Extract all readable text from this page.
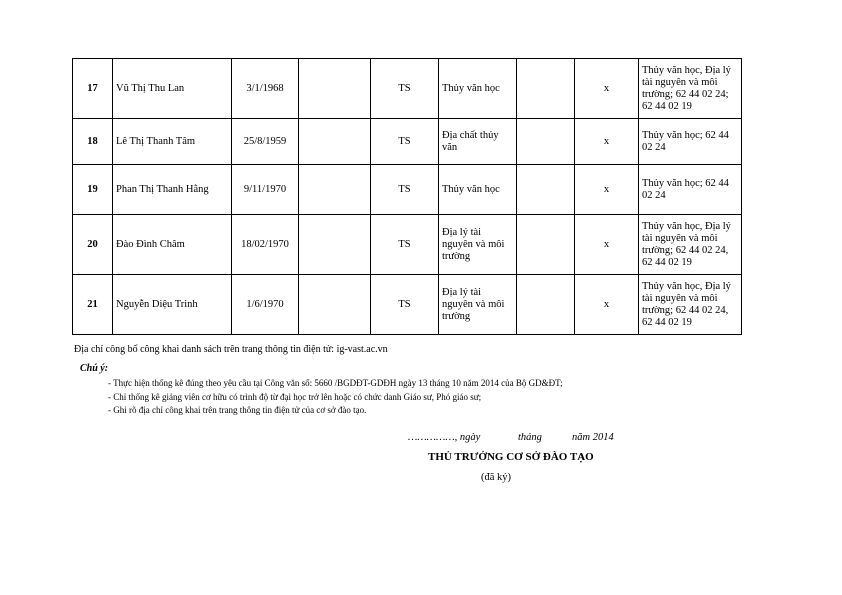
17	Vũ Thị Thu Lan	3/1/1968		TS	Thủy văn học		x	Thủy văn học, Địa lý tài nguyên và môi trường; 62 44 02 24; 62 44 02 19
18	Lê Thị Thanh Tâm	25/8/1959		TS	Địa chất thủy văn		x	Thủy văn học; 62 44 02 24
19	Phan Thị Thanh Hằng	9/11/1970		TS	Thủy văn học		x	Thủy văn học; 62 44 02 24
20	Đào Đình Châm	18/02/1970		TS	Địa lý tài nguyên và môi trường		x	Thủy văn học, Địa lý tài nguyên và môi trường; 62 44 02 24, 62 44 02 19
21	Nguyễn Diệu Trinh	1/6/1970		TS	Địa lý tài nguyên và môi trường		x	Thủy văn học, Địa lý tài nguyên và môi trường; 62 44 02 24, 62 44 02 19
Địa chỉ công bố công khai danh sách trên trang thông tin điện tử: ig-vast.ac.vn
Chú ý:
- Thực hiện thống kê đúng theo yêu cầu tại Công văn số: 5660 /BGDĐT-GDĐH ngày 13 tháng 10 năm 2014 của Bộ GD&ĐT;
- Chỉ thống kê giảng viên cơ hữu có trình độ từ đại học trở lên hoặc có chức danh Giáo sư, Phó giáo sư;
- Ghi rõ địa chỉ công khai trên trang thông tin điện tử của cơ sở đào tạo.
……………, ngày	tháng	năm 2014
THỦ TRƯỞNG CƠ SỞ ĐÀO TẠO
(đã ký)
